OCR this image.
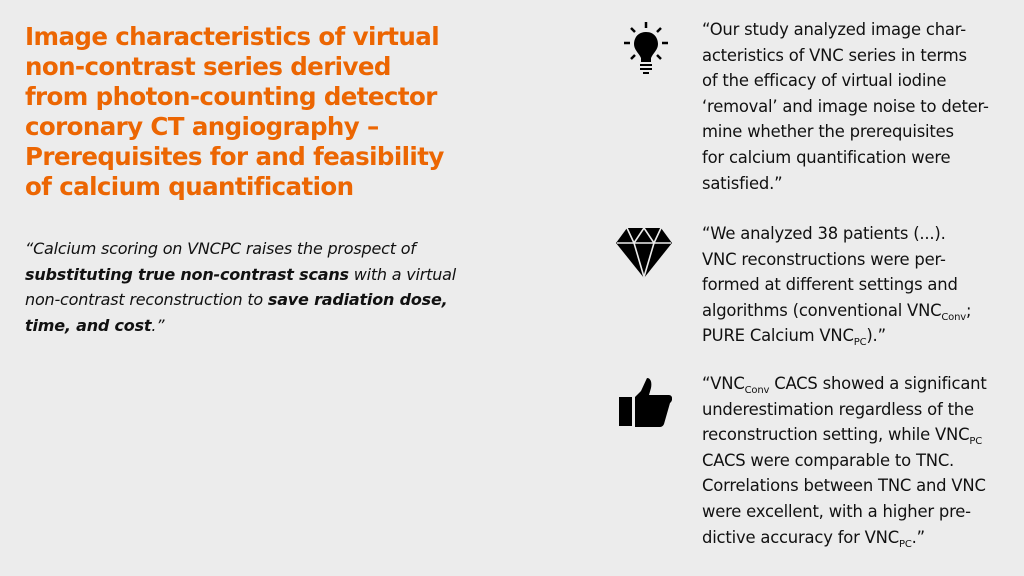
Image characteristics of virtual
non-contrast series derived
from photon-counting detector
coronary CT angiography –
Prerequisites for and feasibility
of calcium quantification
“Calcium scoring on VNCPC raises the prospect of
substituting true non-contrast scans with a virtual
non-contrast reconstruction to save radiation dose,
time, and cost.”
“Our study analyzed image char-
acteristics of VNC series in terms
of the efficacy of virtual iodine
‘removal’ and image noise to deter-
mine whether the prerequisites
for calcium quantification were
satisfied.”
“We analyzed 38 patients (...).
VNC reconstructions were per-
formed at different settings and
algorithms (conventional $VNC_{Conv}$;
PURE Calcium $VNC_{PC}$).”
“$VNC_{Conv}$ CACS showed a significant
underestimation regardless of the
reconstruction setting, while $VNC_{PC}$
CACS were comparable to TNC.
Correlations between TNC and VNC
were excellent, with a higher pre-
dictive accuracy for $VNC_{PC}$.”
